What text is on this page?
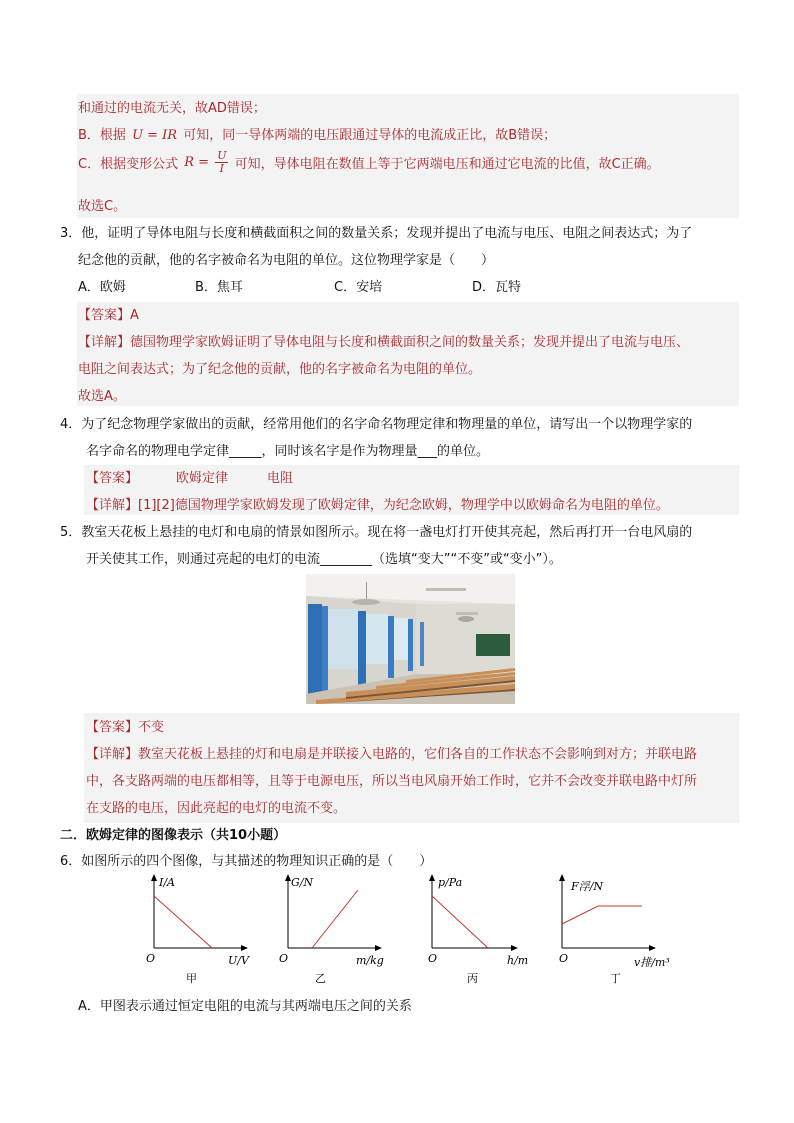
和通过的电流无关，故AD错误；
B．根据 U = IR 可知，同一导体两端的电压跟通过导体的电流成正比，故B错误；
C．根据变形公式 $R = \frac{U}{I}$ 可知，导体电阻在数值上等于它两端电压和通过它电流的比值，故C正确。
故选C。
3．他，证明了导体电阻与长度和横截面积之间的数量关系；发现并提出了电流与电压、电阻之间表达式；为了
纪念他的贡献，他的名字被命名为电阻的单位。这位物理学家是（　　）
A．欧姆	B．焦耳	C．安培	D．瓦特
【答案】A
【详解】德国物理学家欧姆证明了导体电阻与长度和横截面积之间的数量关系；发现并提出了电流与电压、
电阻之间表达式；为了纪念他的贡献，他的名字被命名为电阻的单位。
故选A。
4．为了纪念物理学家做出的贡献，经常用他们的名字命名物理定律和物理量的单位，请写出一个以物理学家的
名字命名的物理电学定律_____，同时该名字是作为物理量___的单位。
【答案】	欧姆定律	电阻
【详解】[1][2]德国物理学家欧姆发现了欧姆定律，为纪念欧姆，物理学中以欧姆命名为电阻的单位。
5．教室天花板上悬挂的电灯和电扇的情景如图所示。现在将一盏电灯打开使其亮起，然后再打开一台电风扇的
开关使其工作，则通过亮起的电灯的电流________（选填“变大”“不变”或“变小”）。
【答案】不变
【详解】教室天花板上悬挂的灯和电扇是并联接入电路的，它们各自的工作状态不会影响到对方；并联电路
中，各支路两端的电压都相等，且等于电源电压，所以当电风扇开始工作时，它并不会改变并联电路中灯所
在支路的电压，因此亮起的电灯的电流不变。
二．欧姆定律的图像表示（共10小题）
6．如图所示的四个图像，与其描述的物理知识正确的是（　　）
I/A
U/V
O
甲
G/N
m/kg
O
乙
p/Pa
h/m
O
丙
F浮/N
v排/m³
O
丁
A．甲图表示通过恒定电阻的电流与其两端电压之间的关系
